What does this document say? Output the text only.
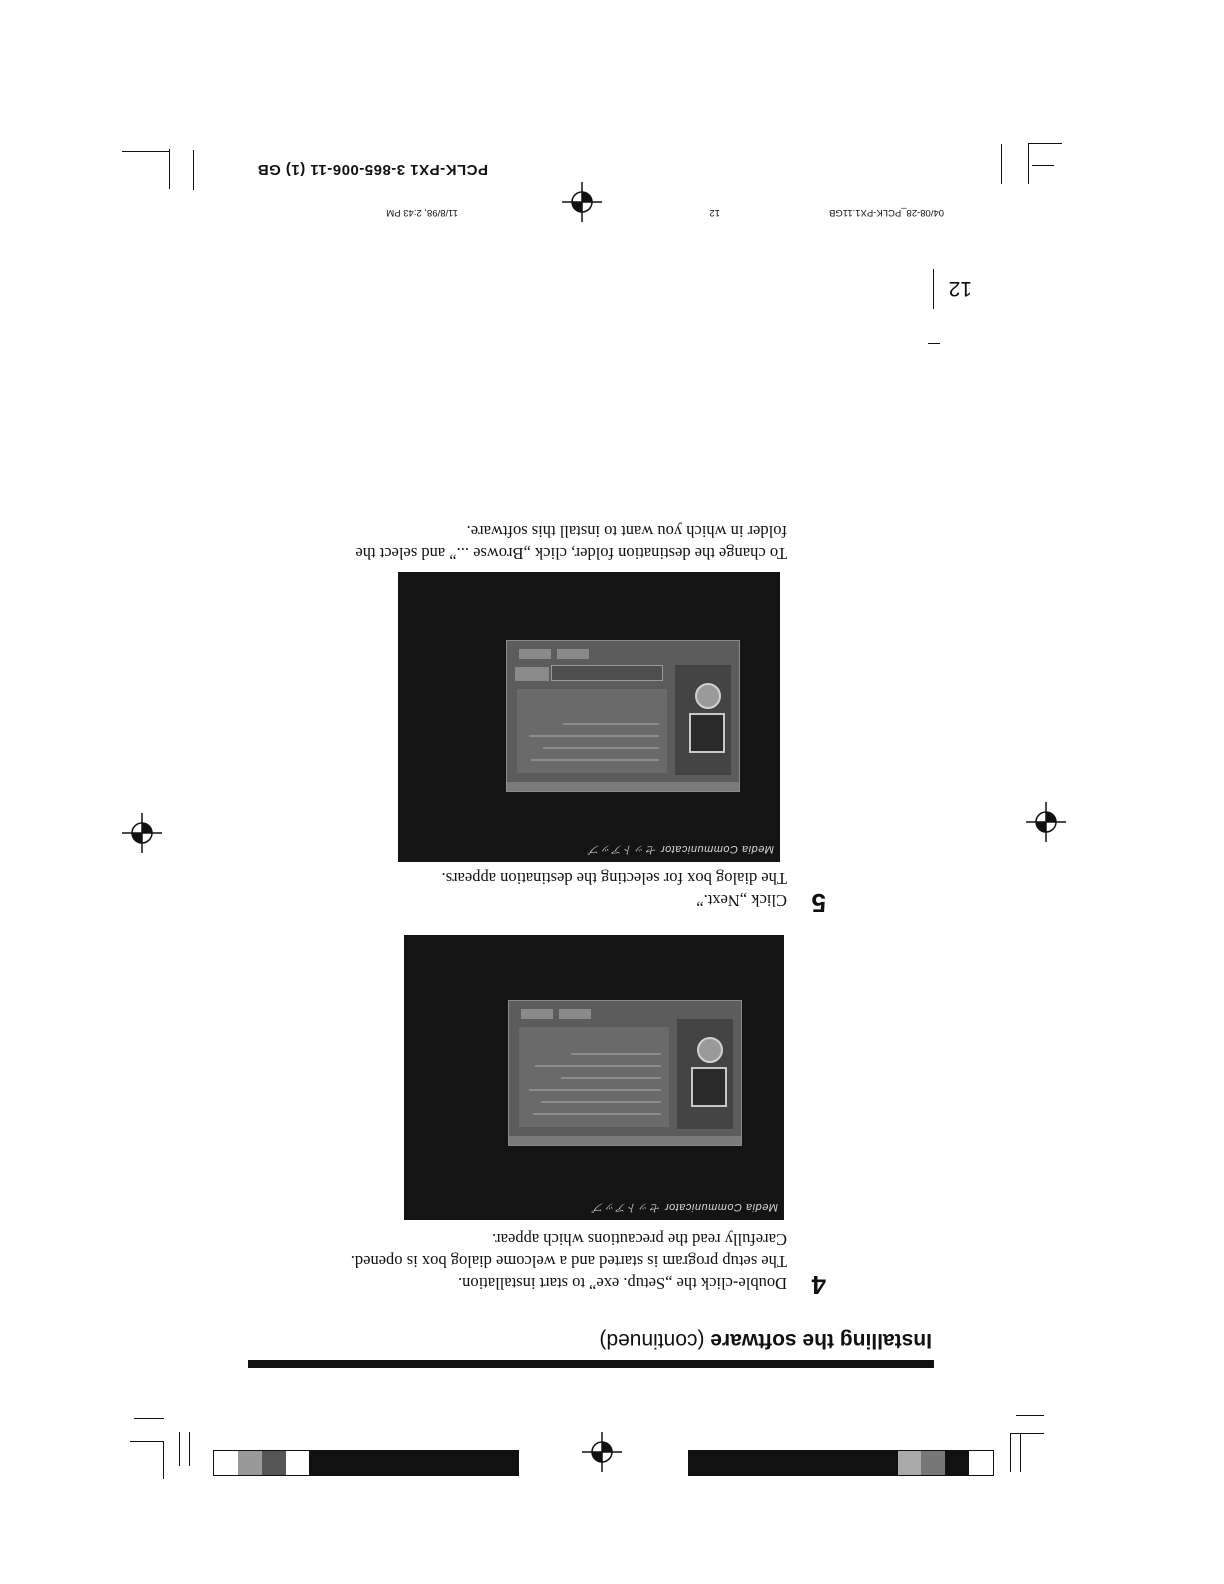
Installing the software (continued)
4
Double-click the „Setup. exe” to start installation.
The setup program is started and a welcome dialog box is opened.
Carefully read the precautions which appear.
Media Communicator セットアップ
5
Click „Next.”
The dialog box for selecting the destination appears.
Media Communicator セットアップ
To change the destination folder, click „Browse ...” and select the
folder in which you want to install this software.
12
04/08-28_PCLK-PX1.11GB
12
11/8/98, 2:43 PM
PCLK-PX1 3-865-006-11 (1) GB
